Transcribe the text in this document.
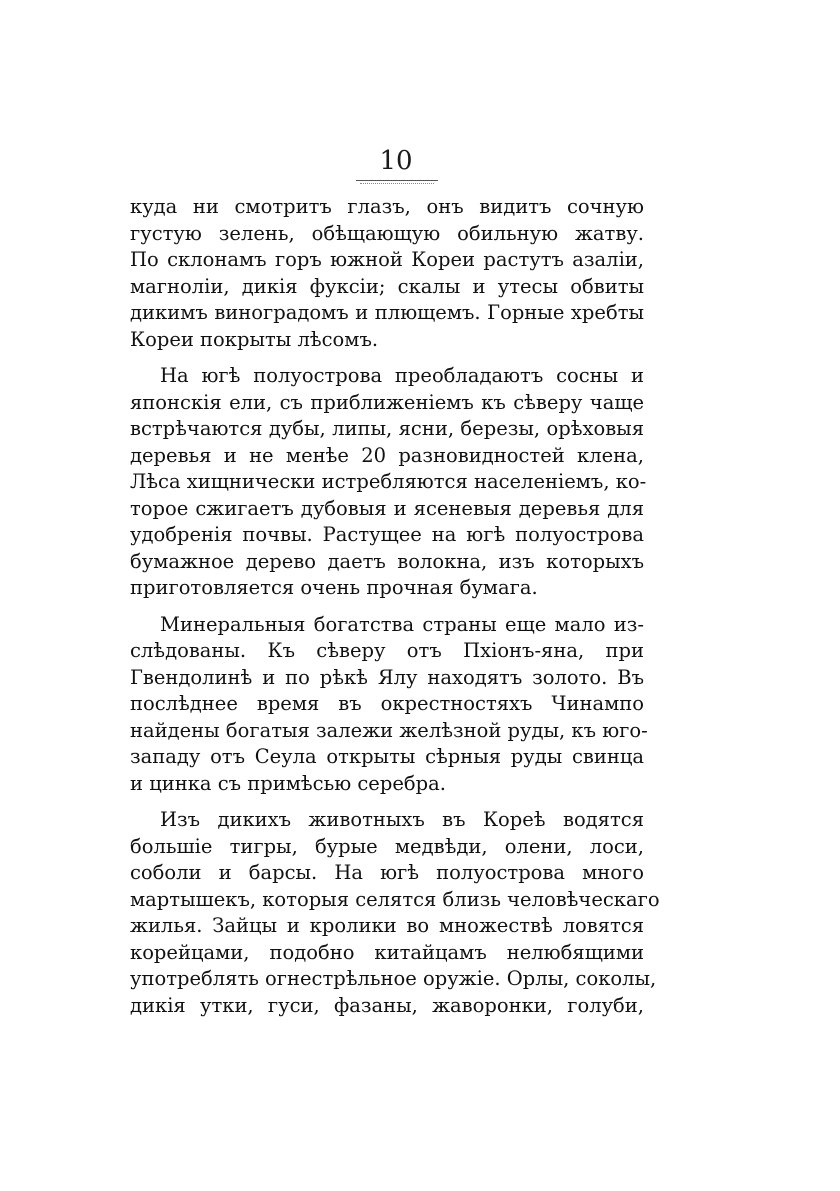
10
куда ни смотритъ глазъ, онъ видитъ сочную
густую зелень, обѣщающую обильную жатву.
По склонамъ горъ южной Кореи растутъ азаліи,
магноліи, дикія фуксіи; скалы и утесы обвиты
дикимъ виноградомъ и плющемъ. Горные хребты
Кореи покрыты лѣсомъ.
На югѣ полуострова преобладаютъ сосны и
японскія ели, съ приближеніемъ къ сѣверу чаще
встрѣчаются дубы, липы, ясни, березы, орѣховыя
деревья и не менѣе 20 разновидностей клена,
Лѣса хищнически истребляются населеніемъ, ко-
торое сжигаетъ дубовыя и ясеневыя деревья для
удобренія почвы. Растущее на югѣ полуострова
бумажное дерево даетъ волокна, изъ которыхъ
приготовляется очень прочная бумага.
Минеральныя богатства страны еще мало из-
слѣдованы. Къ сѣверу отъ Пхіонъ-яна, при
Гвендолинѣ и по рѣкѣ Ялу находятъ золото. Въ
послѣднее время въ окрестностяхъ Чинампо
найдены богатыя залежи желѣзной руды, къ юго-
западу отъ Сеула открыты сѣрныя руды свинца
и цинка съ примѣсью серебра.
Изъ дикихъ животныхъ въ Кореѣ водятся
большіе тигры, бурые медвѣди, олени, лоси,
соболи и барсы. На югѣ полуострова много
мартышекъ, которыя селятся близь человѣческаго
жилья. Зайцы и кролики во множествѣ ловятся
корейцами, подобно китайцамъ нелюбящими
употреблять огнестрѣльное оружіе. Орлы, соколы,
дикія утки, гуси, фазаны, жаворонки, голуби,
